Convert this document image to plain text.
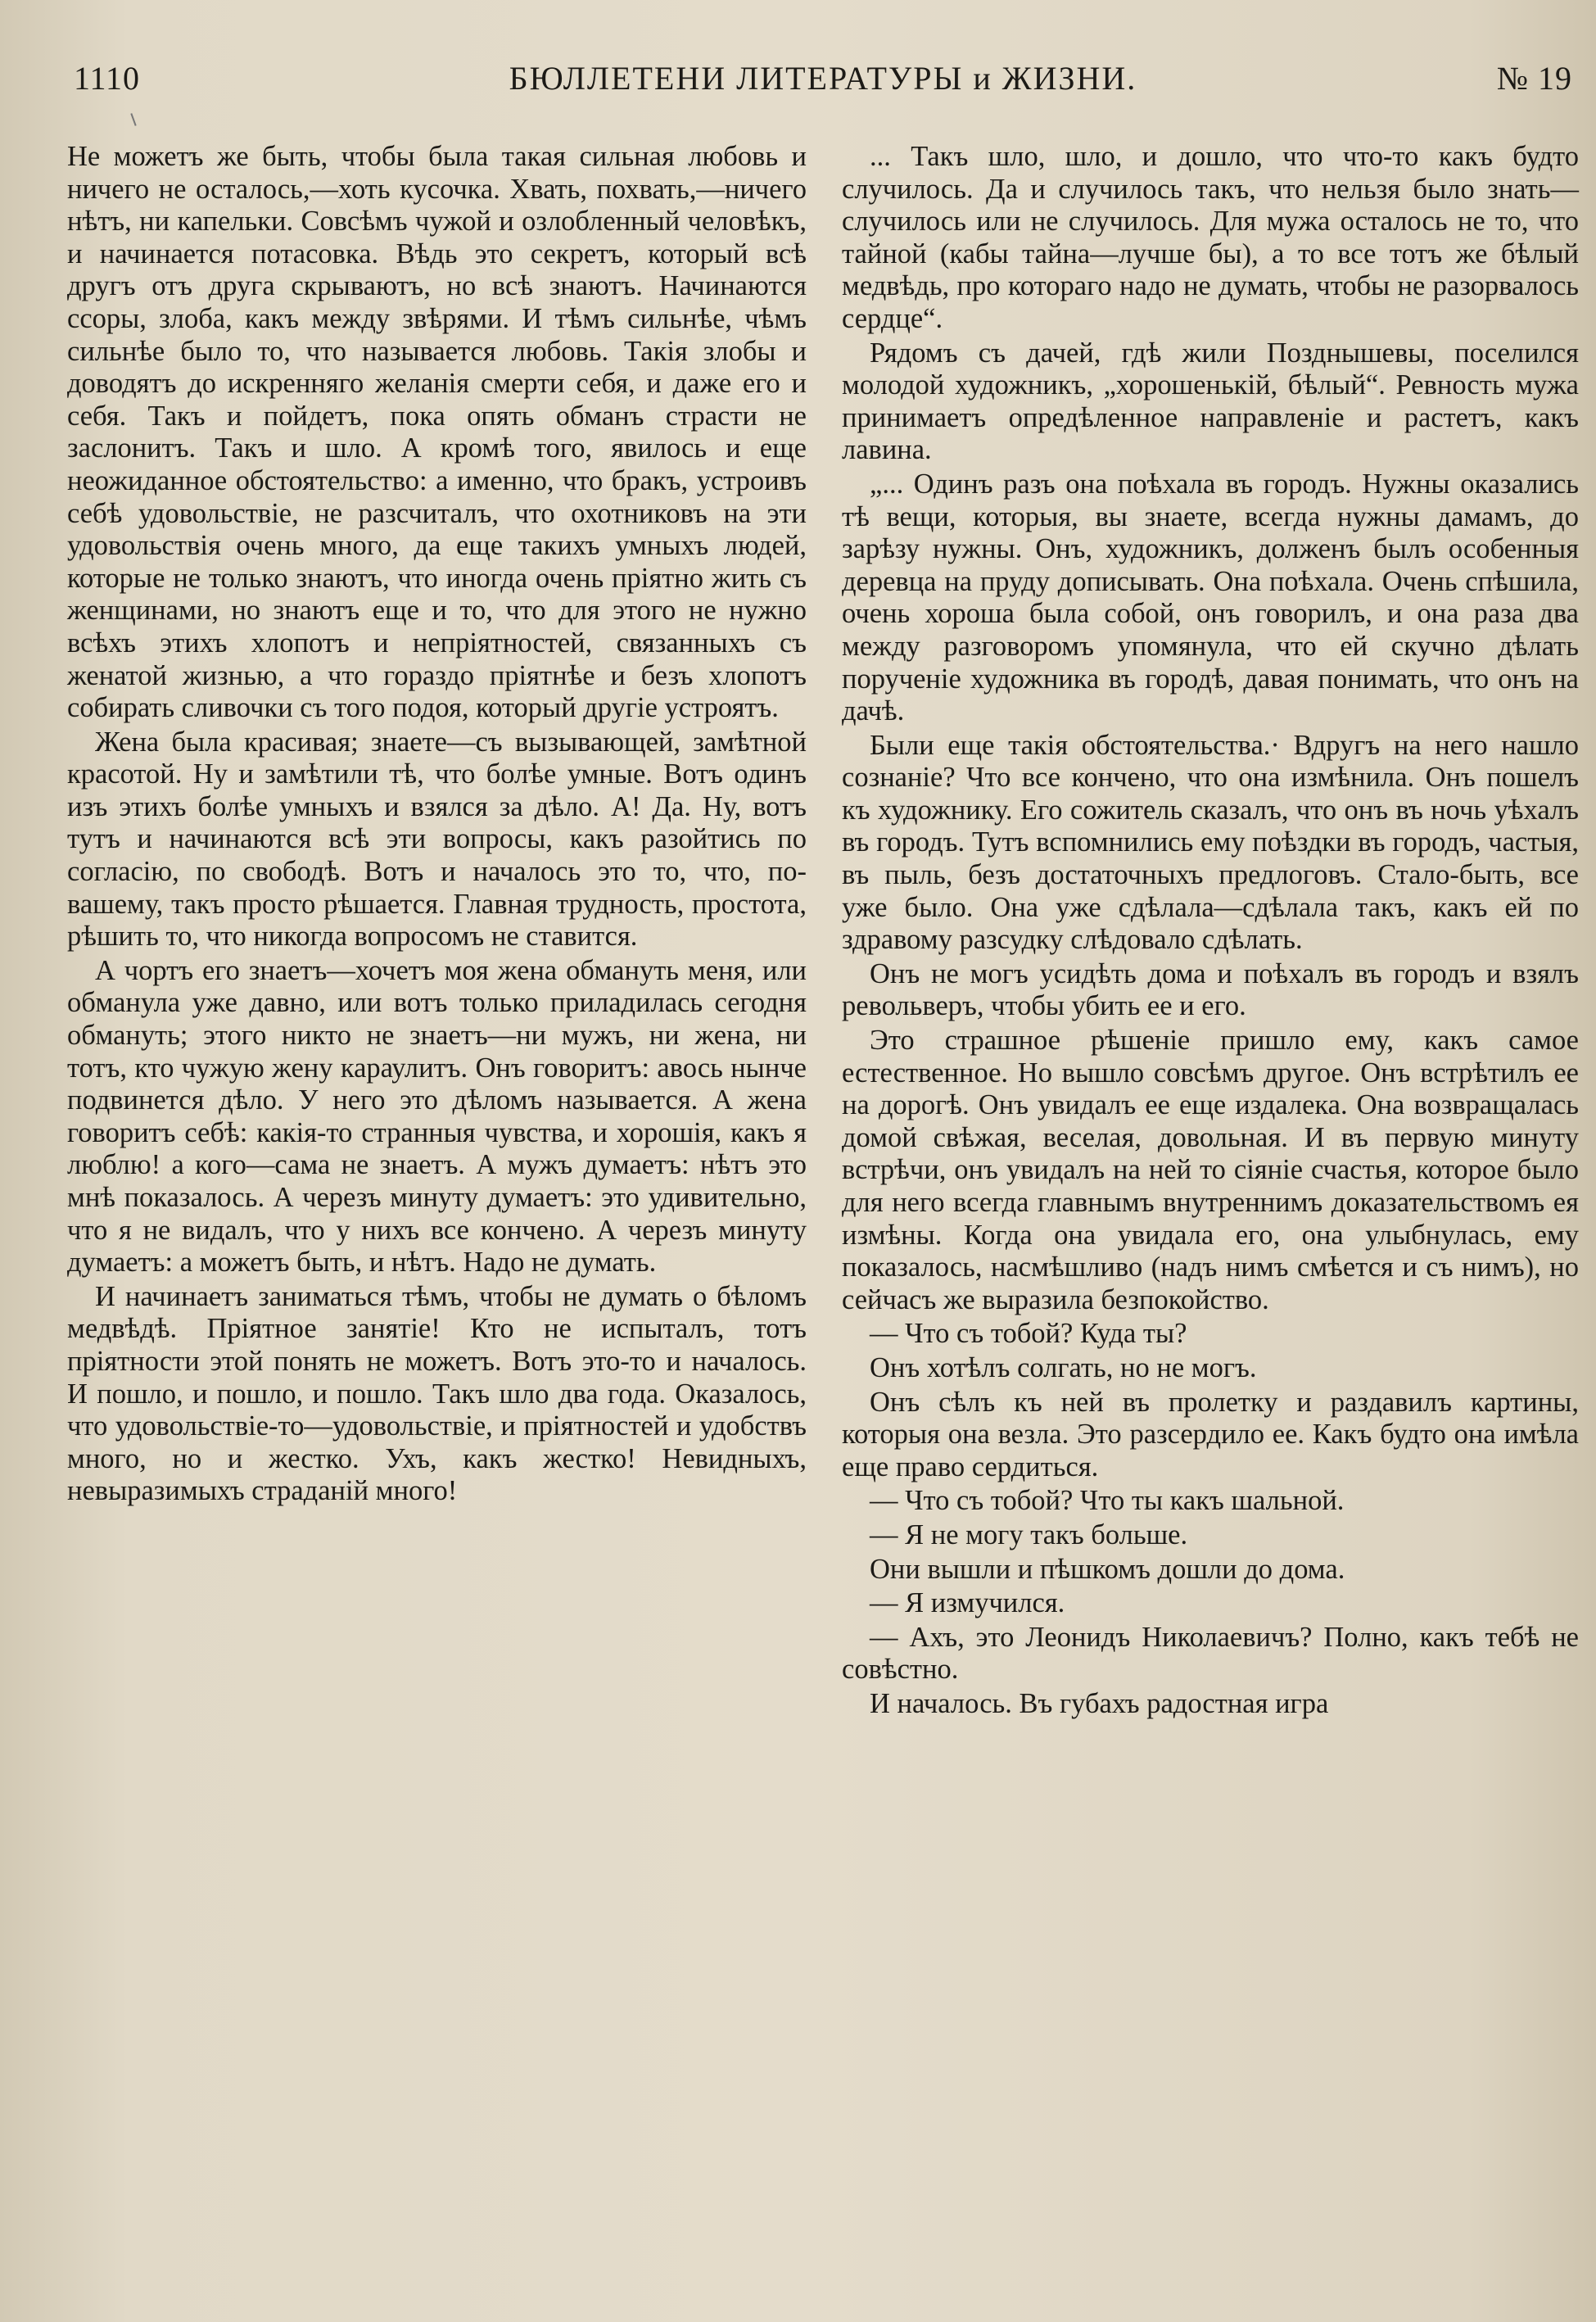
1110	БЮЛЛЕТЕНИ ЛИТЕРАТУРЫ и ЖИЗНИ.	№ 19

Не можетъ же быть, чтобы была такая сильная любовь и ничего не осталось,—хоть кусочка. Хвать, похвать,—ничего нѣтъ, ни капельки. Совсѣмъ чужой и озлобленный человѣкъ, и начинается потасовка. Вѣдь это секретъ, который всѣ другъ отъ друга скрываютъ, но всѣ знаютъ. Начинаются ссоры, злоба, какъ между звѣрями. И тѣмъ сильнѣе, чѣмъ сильнѣе было то, что называется любовь. Такія злобы и доводятъ до искренняго желанія смерти себя, и даже его и себя. Такъ и пойдетъ, пока опять обманъ страсти не заслонитъ. Такъ и шло. А кромѣ того, явилось и еще неожиданное обстоятельство: а именно, что бракъ, устроивъ себѣ удовольствіе, не разсчиталъ, что охотниковъ на эти удовольствія очень много, да еще такихъ умныхъ людей, которые не только знаютъ, что иногда очень пріятно жить съ женщинами, но знаютъ еще и то, что для этого не нужно всѣхъ этихъ хлопотъ и непріятностей, связанныхъ съ женатой жизнью, а что гораздо пріятнѣе и безъ хлопотъ собирать сливочки съ того подоя, который другіе устроятъ.

Жена была красивая; знаете—съ вызывающей, замѣтной красотой. Ну и замѣтили тѣ, что болѣе умные. Вотъ одинъ изъ этихъ болѣе умныхъ и взялся за дѣло. А! Да. Ну, вотъ тутъ и начинаются всѣ эти вопросы, какъ разойтись по согласію, по свободѣ. Вотъ и началось это то, что, по-вашему, такъ просто рѣшается. Главная трудность, простота, рѣшить то, что никогда вопросомъ не ставится.

А чортъ его знаетъ—хочетъ моя жена обмануть меня, или обманула уже давно, или вотъ только приладилась сегодня обмануть; этого никто не знаетъ—ни мужъ, ни жена, ни тотъ, кто чужую жену караулитъ. Онъ говоритъ: авось нынче подвинется дѣло. У него это дѣломъ называется. А жена говоритъ себѣ: какія-то странныя чувства, и хорошія, какъ я люблю! а кого—сама не знаетъ. А мужъ думаетъ: нѣтъ это мнѣ показалось. А черезъ минуту думаетъ: это удивительно, что я не видалъ, что у нихъ все кончено. А черезъ минуту думаетъ: а можетъ быть, и нѣтъ. Надо не думать.

И начинаетъ заниматься тѣмъ, чтобы не думать о бѣломъ медвѣдѣ. Пріятное занятіе! Кто не испыталъ, тотъ пріятности этой понять не можетъ. Вотъ это-то и началось. И пошло, и пошло, и пошло. Такъ шло два года. Оказалось, что удовольствіе-то—удовольствіе, и пріятностей и удобствъ много, но и жестко. Ухъ, какъ жестко! Невидныхъ, невыразимыхъ страданій много!

... Такъ шло, шло, и дошло, что что-то какъ будто случилось. Да и случилось такъ, что нельзя было знать—случилось или не случилось. Для мужа осталось не то, что тайной (кабы тайна—лучше бы), а то все тотъ же бѣлый медвѣдь, про котораго надо не думать, чтобы не разорвалось сердце“.

Рядомъ съ дачей, гдѣ жили Позднышевы, поселился молодой художникъ, „хорошенькій, бѣлый“. Ревность мужа принимаетъ опредѣленное направленіе и растетъ, какъ лавина.

„... Одинъ разъ она поѣхала въ городъ. Нужны оказались тѣ вещи, которыя, вы знаете, всегда нужны дамамъ, до зарѣзу нужны. Онъ, художникъ, долженъ былъ особенныя деревца на пруду дописывать. Она поѣхала. Очень спѣшила, очень хороша была собой, онъ говорилъ, и она раза два между разговоромъ упомянула, что ей скучно дѣлать порученіе художника въ городѣ, давая понимать, что онъ на дачѣ.

Были еще такія обстоятельства.· Вдругъ на него нашло сознаніе? Что все кончено, что она измѣнила. Онъ пошелъ къ художнику. Его сожитель сказалъ, что онъ въ ночь уѣхалъ въ городъ. Тутъ вспомнились ему поѣздки въ городъ, частыя, въ пыль, безъ достаточныхъ предлоговъ. Стало-быть, все уже было. Она уже сдѣлала—сдѣлала такъ, какъ ей по здравому разсудку слѣдовало сдѣлать.

Онъ не могъ усидѣть дома и поѣхалъ въ городъ и взялъ револьверъ, чтобы убить ее и его.

Это страшное рѣшеніе пришло ему, какъ самое естественное. Но вышло совсѣмъ другое. Онъ встрѣтилъ ее на дорогѣ. Онъ увидалъ ее еще издалека. Она возвращалась домой свѣжая, веселая, довольная. И въ первую минуту встрѣчи, онъ увидалъ на ней то сіяніе счастья, которое было для него всегда главнымъ внутреннимъ доказательствомъ ея измѣны. Когда она увидала его, она улыбнулась, ему показалось, насмѣшливо (надъ нимъ смѣется и съ нимъ), но сейчасъ же выразила безпокойство.

— Что съ тобой? Куда ты?

Онъ хотѣлъ солгать, но не могъ.

Онъ сѣлъ къ ней въ пролетку и раздавилъ картины, которыя она везла. Это разсердило ее. Какъ будто она имѣла еще право сердиться.

— Что съ тобой? Что ты какъ шальной.

— Я не могу такъ больше.

Они вышли и пѣшкомъ дошли до дома.

— Я измучился.

— Ахъ, это Леонидъ Николаевичъ? Полно, какъ тебѣ не совѣстно.

И началось. Въ губахъ радостная игра
